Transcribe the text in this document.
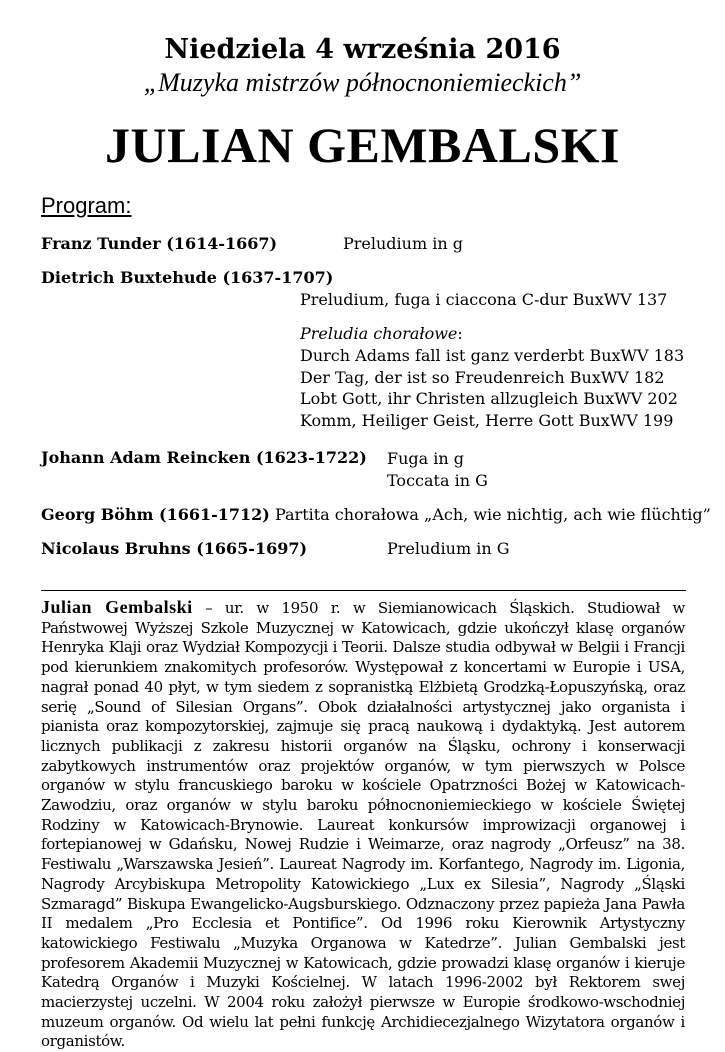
Niedziela 4 września 2016
„Muzyka mistrzów północnoniemieckich”
JULIAN GEMBALSKI
Program:
Franz Tunder (1614-1667)	Preludium in g
Dietrich Buxtehude (1637-1707)
Preludium, fuga i ciaccona C-dur BuxWV 137
Preludia chorałowe:
Durch Adams fall ist ganz verderbt BuxWV 183
Der Tag, der ist so Freudenreich BuxWV 182
Lobt Gott, ihr Christen allzugleich BuxWV 202
Komm, Heiliger Geist, Herre Gott BuxWV 199
Johann Adam Reincken (1623-1722) Fuga in g
Toccata in G
Georg Böhm (1661-1712) Partita chorałowa „Ach, wie nichtig, ach wie flüchtig”
Nicolaus Bruhns (1665-1697)	Preludium in G
Julian Gembalski – ur. w 1950 r. w Siemianowicach Śląskich. Studiował w Państwowej Wyższej Szkole Muzycznej w Katowicach, gdzie ukończył klasę organów Henryka Klaji oraz Wydział Kompozycji i Teorii. Dalsze studia odbywał w Belgii i Francji pod kierunkiem znakomitych profesorów. Występował z koncertami w Europie i USA, nagrał ponad 40 płyt, w tym siedem z sopranistką Elżbietą Grodzką-Łopuszyńską, oraz serię „Sound of Silesian Organs”. Obok działalności artystycznej jako organista i pianista oraz kompozytorskiej, zajmuje się pracą naukową i dydaktyką. Jest autorem licznych publikacji z zakresu historii organów na Śląsku, ochrony i konserwacji zabytkowych instrumentów oraz projektów organów, w tym pierwszych w Polsce organów w stylu francuskiego baroku w kościele Opatrzności Bożej w Katowicach-Zawodziu, oraz organów w stylu baroku północnoniemieckiego w kościele Świętej Rodziny w Katowicach-Brynowie. Laureat konkursów improwizacji organowej i fortepianowej w Gdańsku, Nowej Rudzie i Weimarze, oraz nagrody „Orfeusz” na 38. Festiwalu „Warszawska Jesień”. Laureat Nagrody im. Korfantego, Nagrody im. Ligonia, Nagrody Arcybiskupa Metropolity Katowickiego „Lux ex Silesia”, Nagrody „Śląski Szmaragd” Biskupa Ewangelicko-Augsburskiego. Odznaczony przez papieża Jana Pawła II medalem „Pro Ecclesia et Pontifice”. Od 1996 roku Kierownik Artystyczny katowickiego Festiwalu „Muzyka Organowa w Katedrze”. Julian Gembalski jest profesorem Akademii Muzycznej w Katowicach, gdzie prowadzi klasę organów i kieruje Katedrą Organów i Muzyki Kościelnej. W latach 1996-2002 był Rektorem swej macierzystej uczelni. W 2004 roku założył pierwsze w Europie środkowo-wschodniej muzeum organów. Od wielu lat pełni funkcję Archidiecezjalnego Wizytatora organów i organistów.
